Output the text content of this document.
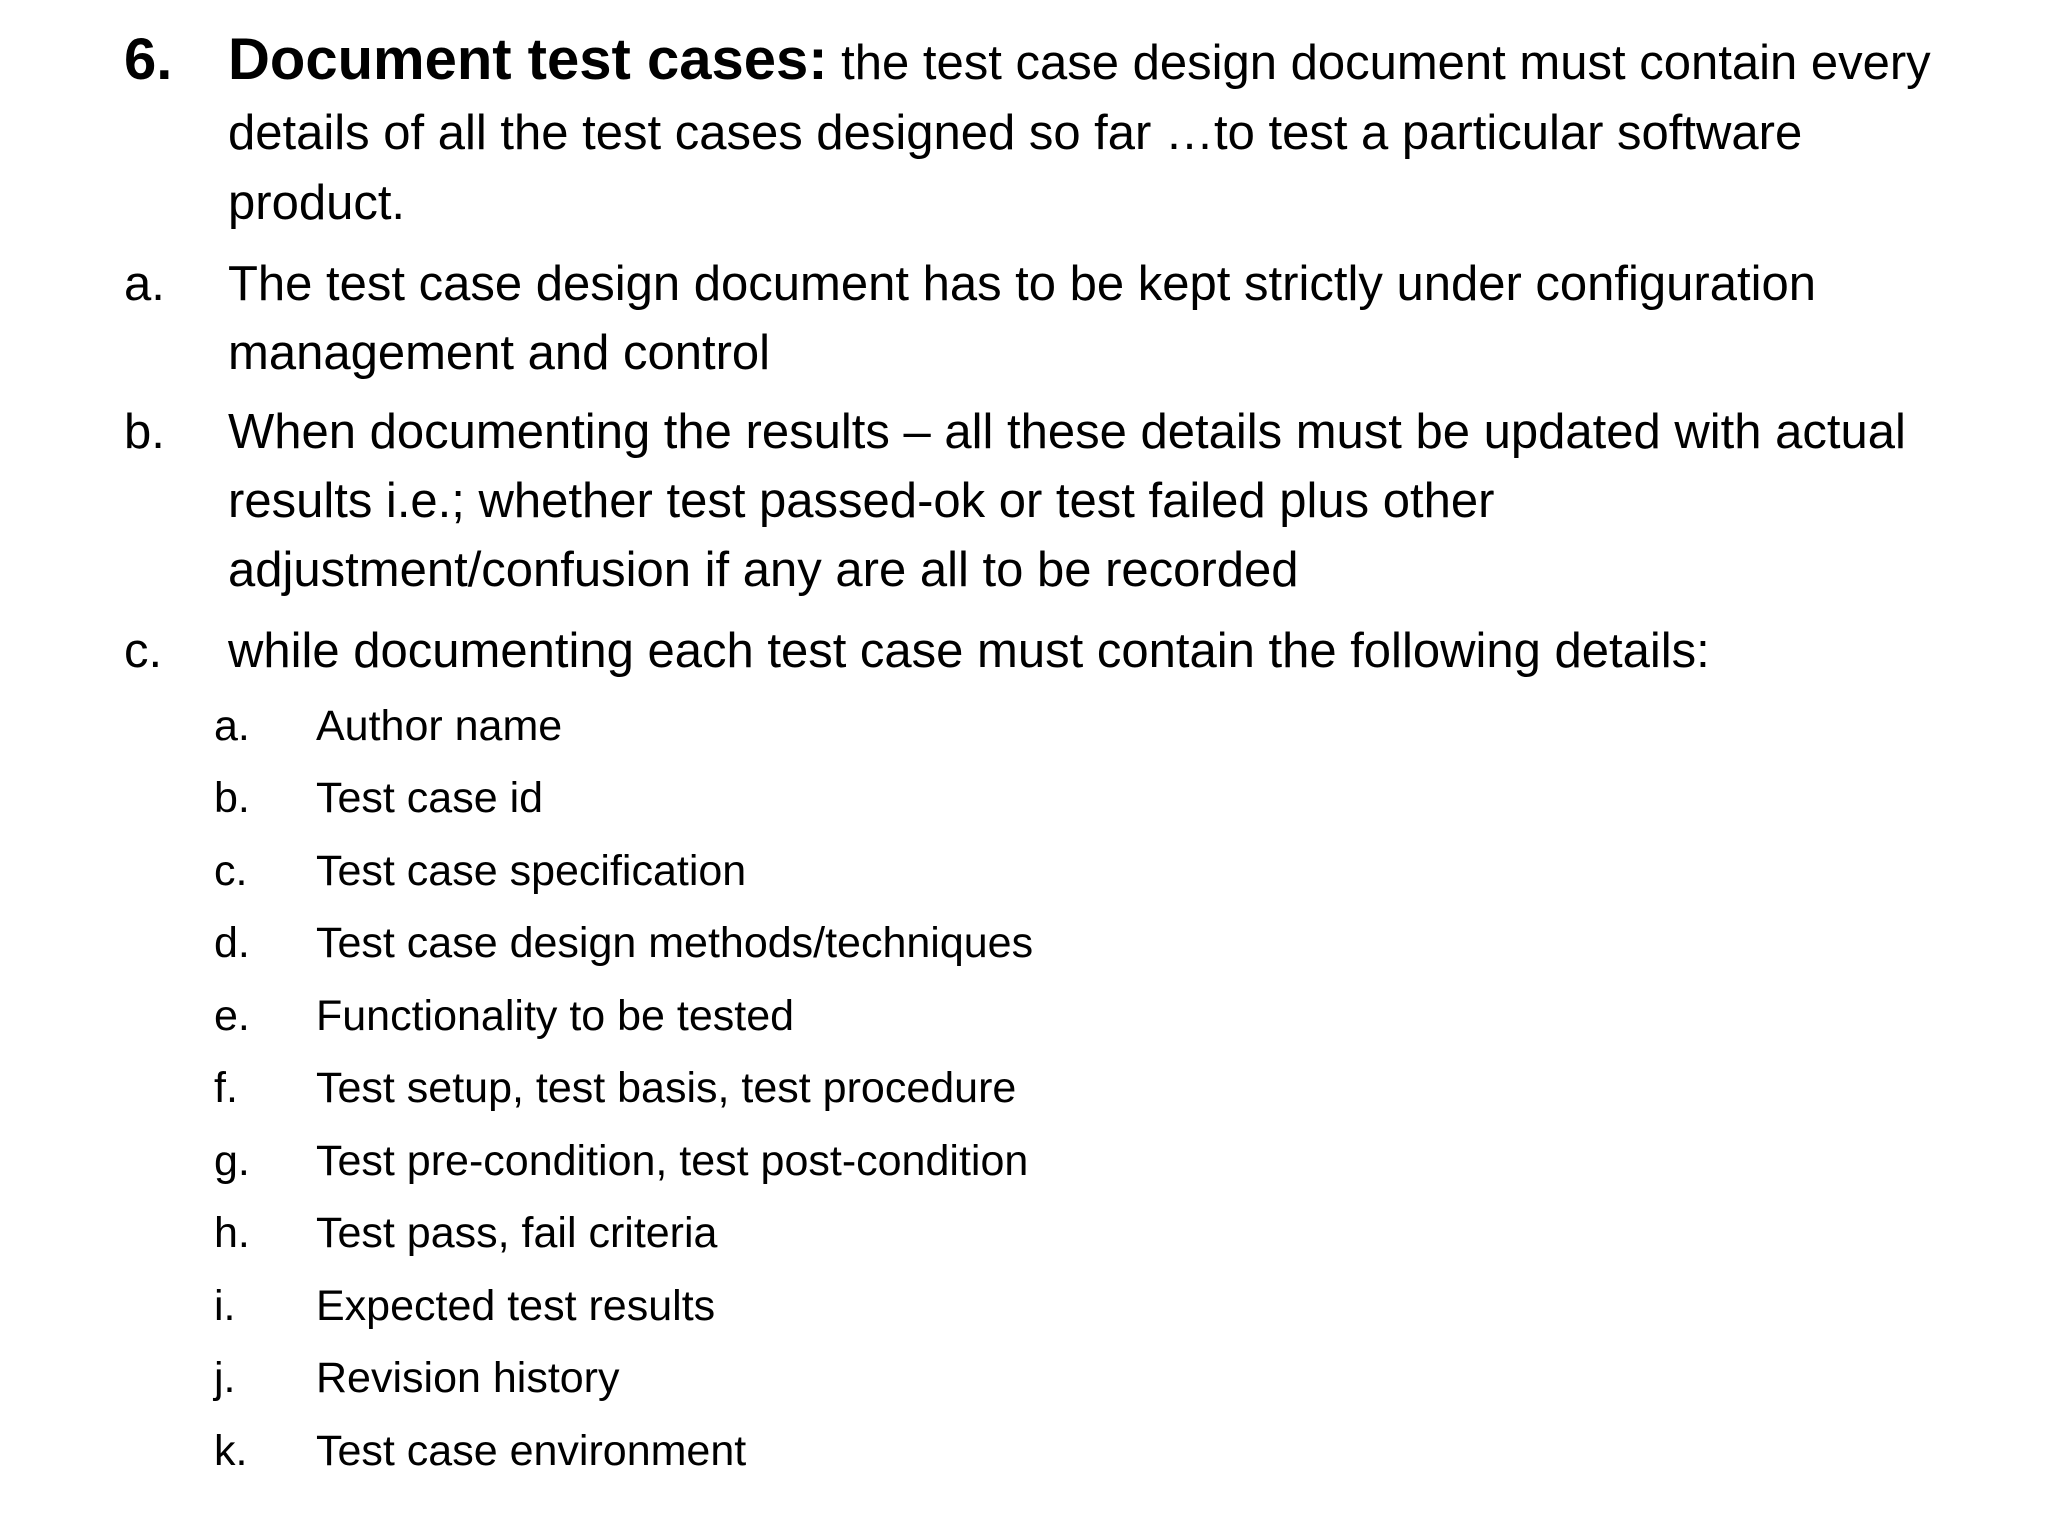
6. Document test cases: the test case design document must contain every details of all the test cases designed so far …to test a particular software product.
a. The test case design document has to be kept strictly under configuration management and control
b. When documenting the results – all these details must be updated with actual results i.e.; whether test passed-ok or test failed plus other adjustment/confusion if any are all to be recorded
c. while documenting each test case must contain the following details:
a. Author name
b. Test case id
c. Test case specification
d. Test case design methods/techniques
e. Functionality to be tested
f. Test setup, test basis, test procedure
g. Test pre-condition, test post-condition
h. Test pass, fail criteria
i. Expected test results
j. Revision history
k. Test case environment
